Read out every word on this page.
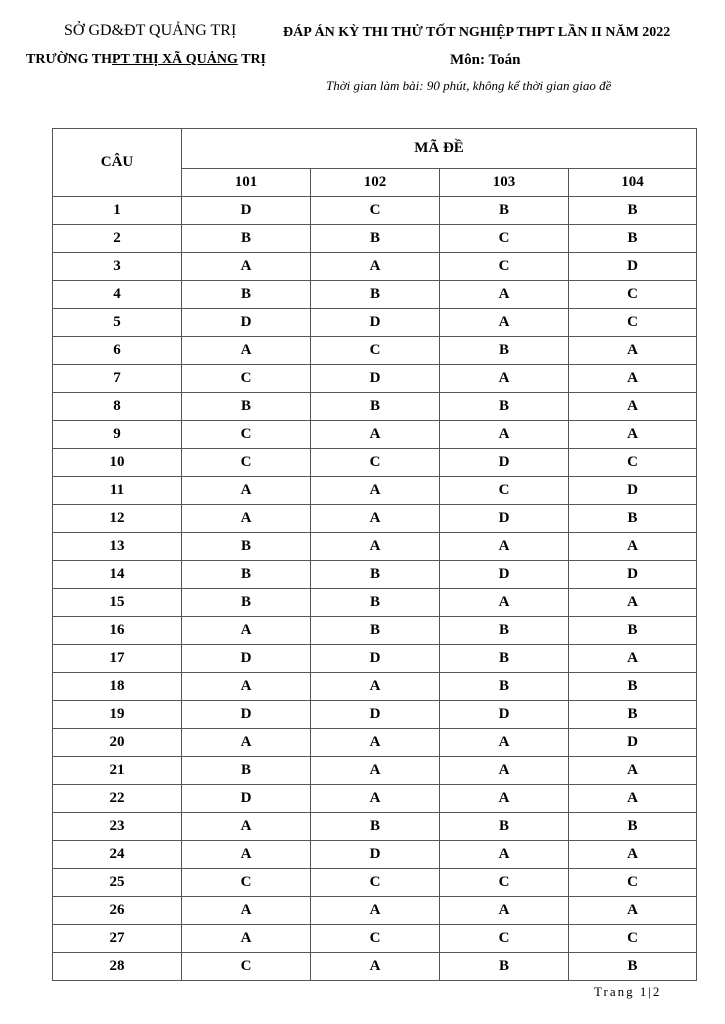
SỞ GD&ĐT QUẢNG TRỊ
TRƯỜNG THPT THỊ XÃ QUẢNG TRỊ
ĐÁP ÁN KỲ THI THỬ TỐT NGHIỆP THPT LẦN II NĂM 2022
Môn: Toán
Thời gian làm bài: 90 phút, không kể thời gian giao đề
CÂU	MÃ ĐỀ			
	101	102	103	104
1	D	C	B	B
2	B	B	C	B
3	A	A	C	D
4	B	B	A	C
5	D	D	A	C
6	A	C	B	A
7	C	D	A	A
8	B	B	B	A
9	C	A	A	A
10	C	C	D	C
11	A	A	C	D
12	A	A	D	B
13	B	A	A	A
14	B	B	D	D
15	B	B	A	A
16	A	B	B	B
17	D	D	B	A
18	A	A	B	B
19	D	D	D	B
20	A	A	A	D
21	B	A	A	A
22	D	A	A	A
23	A	B	B	B
24	A	D	A	A
25	C	C	C	C
26	A	A	A	A
27	A	C	C	C
28	C	A	B	B
Trang 1|2
